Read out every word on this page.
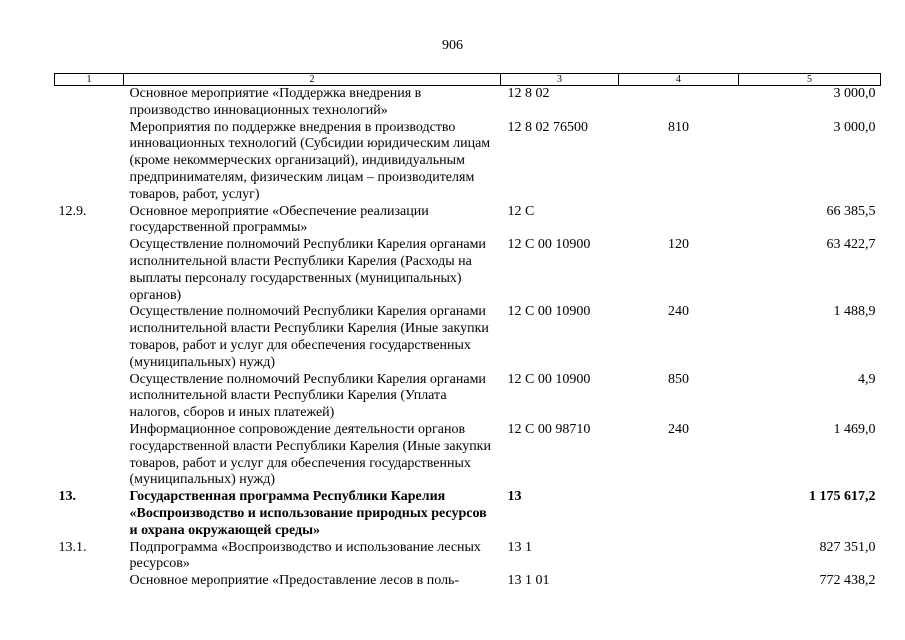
906
1	2	3	4	5
	Основное мероприятие «Поддержка внедрения в производство инновационных технологий»	12 8 02		3 000,0
	Мероприятия по поддержке внедрения в производство инновационных технологий (Субсидии юридическим лицам (кроме некоммерческих организаций), индивидуальным предпринимателям, физическим лицам – производителям товаров, работ, услуг)	12 8 02 76500	810	3 000,0
12.9.	Основное мероприятие «Обеспечение реализации государственной программы»	12 С		66 385,5
	Осуществление полномочий Республики Карелия органами исполнительной власти Республики Карелия (Расходы на выплаты персоналу государственных (муниципальных) органов)	12 С 00 10900	120	63 422,7
	Осуществление полномочий Республики Карелия органами исполнительной власти Республики Карелия (Иные закупки товаров, работ и услуг для обеспечения государственных (муниципальных) нужд)	12 С 00 10900	240	1 488,9
	Осуществление полномочий Республики Карелия органами исполнительной власти Республики Карелия (Уплата налогов, сборов и иных платежей)	12 С 00 10900	850	4,9
	Информационное сопровождение деятельности органов государственной власти Республики Карелия (Иные закупки товаров, работ и услуг для обеспечения государственных (муниципальных) нужд)	12 С 00 98710	240	1 469,0
13.	Государственная программа Республики Карелия «Воспроизводство и использование природных ресурсов и охрана окружающей среды»	13		1 175 617,2
13.1.	Подпрограмма «Воспроизводство и использование лесных ресурсов»	13 1		827 351,0
	Основное мероприятие «Предоставление лесов в поль-	13 1 01		772 438,2
